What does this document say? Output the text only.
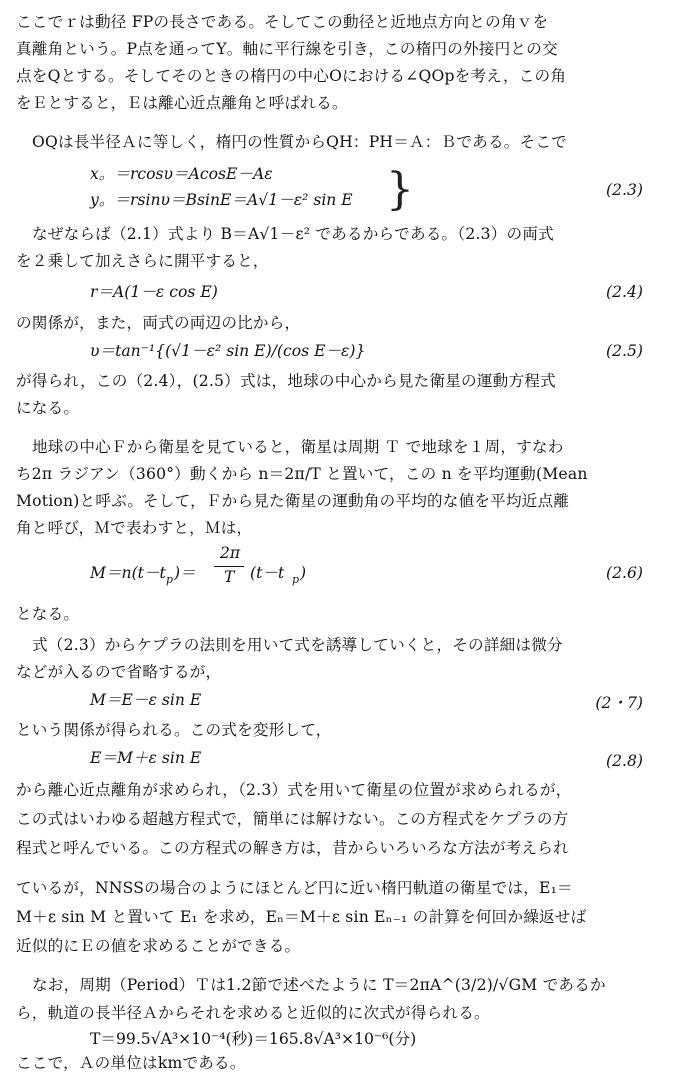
ここでｒは動径 FPの長さである。そしてこの動径と近地点方向との角ｖを
真離角という。P点を通ってY。軸に平行線を引き，この楕円の外接円との交
点をQとする。そしてそのときの楕円の中心Oにおける∠QOpを考え，この角
をＥとすると，Ｅは離心近点離角と呼ばれる。
OQは長半径Ａに等しく，楕円の性質からQH：PH＝Ａ：Ｂである。そこで
x。＝rcosυ＝AcosE－Aε
y。＝rsinυ＝BsinE＝A√1－ε² sin E }	(2.3)
なぜならば（2.1）式より B＝A√1－ε² であるからである。（2.3）の両式
を２乗して加えさらに開平すると，
r＝A(1－ε cos E)	(2.4)
の関係が，また，両式の両辺の比から，
υ＝tan⁻¹{(√1－ε² sin E)/(cos E－ε)}	(2.5)
が得られ，この（2.4），(2.5）式は，地球の中心から見た衛星の運動方程式
になる。
地球の中心Ｆから衛星を見ていると，衛星は周期 Ｔ で地球を１周，すなわ
ち2π ラジアン（360°）動くから n＝2π/T と置いて，この n を平均運動(Mean
Motion)と呼ぶ。そして，Ｆから見た衛星の運動角の平均的な値を平均近点離
角と呼び，Ｍで表わすと，Ｍは，
M＝n(t－t p )＝
2π
T (t－t p )	(2.6)
となる。
式（2.3）からケプラの法則を用いて式を誘導していくと，その詳細は微分
などが入るので省略するが，
M＝E－ε sin E	(2・7)
という関係が得られる。この式を変形して，
E＝M＋ε sin E	(2.8)
から離心近点離角が求められ，（2.3）式を用いて衛星の位置が求められるが，
この式はいわゆる超越方程式で，簡単には解けない。この方程式をケプラの方
程式と呼んでいる。この方程式の解き方は，昔からいろいろな方法が考えられ
ているが，NNSSの場合のようにほとんど円に近い楕円軌道の衛星では，E₁＝
M＋ε sin M と置いて E₁ を求め，Eₙ＝M＋ε sin Eₙ₋₁ の計算を何回か繰返せば
近似的にＥの値を求めることができる。
なお，周期（Period）Ｔは1.2節で述べたように T＝2πA^(3/2)/√GM であるか
ら，軌道の長半径Ａからそれを求めると近似的に次式が得られる。
T＝99.5√A³×10⁻⁴(秒)＝165.8√A³×10⁻⁶(分)
ここで，Ａの単位はkmである。
